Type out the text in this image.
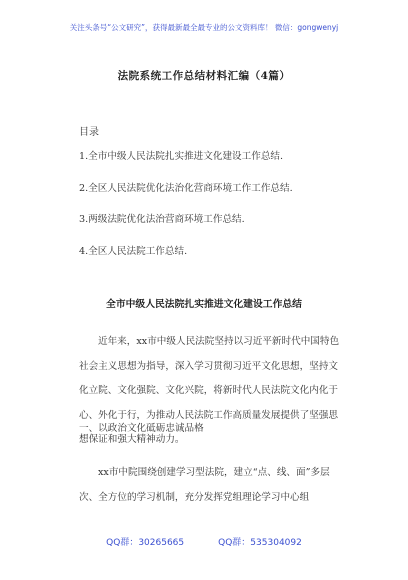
关注头条号“公文研究”，获得最新最全最专业的公文资料库！ 微信：gongwenyj
法院系统工作总结材料汇编（4篇）
目录
1.全市中级人民法院扎实推进文化建设工作总结.
2.全区人民法院优化法治化营商环境工作工作总结.
3.两级法院优化法治营商环境工作总结.
4.全区人民法院工作总结.
全市中级人民法院扎实推进文化建设工作总结

近年来，xx市中级人民法院坚持以习近平新时代中国特色社会主义思想为指导，深入学习贯彻习近平文化思想，坚持文化立院、文化强院、文化兴院，将新时代人民法院文化内化于心、外化于行，为推动人民法院工作高质量发展提供了坚强思想保证和强大精神动力。

一、以政治文化砥砺忠诚品格

xx市中院围绕创建学习型法院，建立“点、线、面”多层次、全方位的学习机制，充分发挥党组理论学习中心组

QQ群：30265665	QQ群：535304092
